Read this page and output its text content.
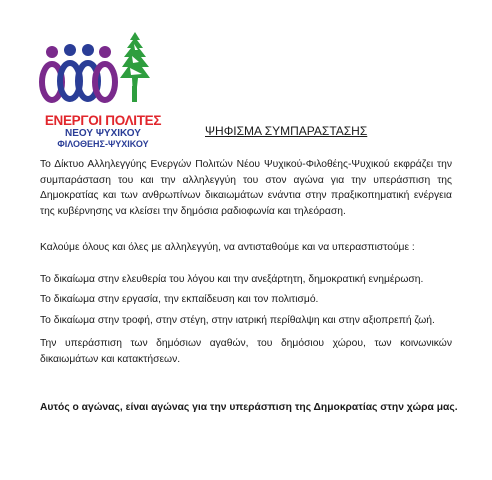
ΕΝΕΡΓΟΙ ΠΟΛΙΤΕΣ
ΝΕΟΥ ΨΥΧΙΚΟΥ
ΦΙΛΟΘΕΗΣ-ΨΥΧΙΚΟΥ
ΨΗΦΙΣΜΑ ΣΥΜΠΑΡΑΣΤΑΣΗΣ
Το Δίκτυο Αλληλεγγύης Ενεργών Πολιτών Νέου Ψυχικού-Φιλοθέης-Ψυχικού εκφράζει την συμπαράσταση του και την αλληλεγγύη του στον αγώνα για την υπεράσπιση της Δημοκρατίας και των ανθρωπίνων δικαιωμάτων ενάντια στην πραξικοπηματική ενέργεια της κυβέρνησης να κλείσει την δημόσια ραδιοφωνία και τηλεόραση.
Καλούμε όλους και όλες με αλληλεγγύη, να αντισταθούμε και να υπερασπιστούμε :
Το δικαίωμα στην ελευθερία του λόγου και την ανεξάρτητη, δημοκρατική ενημέρωση.
Το δικαίωμα στην εργασία, την εκπαίδευση και τον πολιτισμό.
Το δικαίωμα στην τροφή, στην στέγη, στην ιατρική περίθαλψη και στην αξιοπρεπή ζωή.
Την υπεράσπιση των δημόσιων αγαθών, του δημόσιου χώρου, των κοινωνικών δικαιωμάτων και κατακτήσεων.
Αυτός ο αγώνας, είναι αγώνας για την υπεράσπιση της Δημοκρατίας στην χώρα μας.
